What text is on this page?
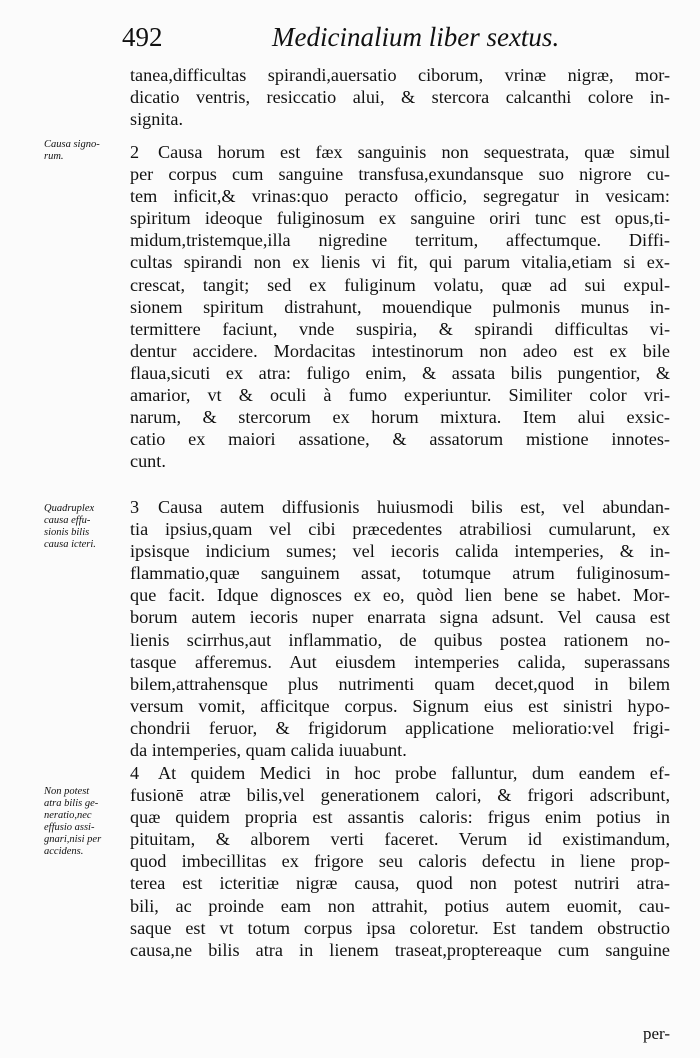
492	Medicinalium liber sextus.
Causa signo-
rum.
Quadruplex
causa effu-
sionis bilis
causa icteri.
Non potest
atra bilis ge-
neratio,nec
effusio assi-
gnari,nisi per
accidens.
tanea,difficultas spirandi,auersatio ciborum, vrinæ nigræ, mor-
dicatio ventris, resiccatio alui, & stercora calcanthi colore in-
signita.
2 Causa horum est fæx sanguinis non sequestrata, quæ simul
per corpus cum sanguine transfusa,exundansque suo nigrore cu-
tem inficit,& vrinas:quo peracto officio, segregatur in vesicam:
spiritum ideoque fuliginosum ex sanguine oriri tunc est opus,ti-
midum,tristemque,illa nigredine territum, affectumque. Diffi-
cultas spirandi non ex lienis vi fit, qui parum vitalia,etiam si ex-
crescat, tangit; sed ex fuliginum volatu, quæ ad sui expul-
sionem spiritum distrahunt, mouendique pulmonis munus in-
termittere faciunt, vnde suspiria, & spirandi difficultas vi-
dentur accidere. Mordacitas intestinorum non adeo est ex bile
flaua,sicuti ex atra: fuligo enim, & assata bilis pungentior, &
amarior, vt & oculi à fumo experiuntur. Similiter color vri-
narum, & stercorum ex horum mixtura. Item alui exsic-
catio ex maiori assatione, & assatorum mistione innotes-
cunt.
3 Causa autem diffusionis huiusmodi bilis est, vel abundan-
tia ipsius,quam vel cibi præcedentes atrabiliosi cumularunt, ex
ipsisque indicium sumes; vel iecoris calida intemperies, & in-
flammatio,quæ sanguinem assat, totumque atrum fuliginosum-
que facit. Idque dignosces ex eo, quòd lien bene se habet. Mor-
borum autem iecoris nuper enarrata signa adsunt. Vel causa est
lienis scirrhus,aut inflammatio, de quibus postea rationem no-
tasque afferemus. Aut eiusdem intemperies calida, superassans
bilem,attrahensque plus nutrimenti quam decet,quod in bilem
versum vomit, afficitque corpus. Signum eius est sinistri hypo-
chondrii feruor, & frigidorum applicatione melioratio:vel frigi-
da intemperies, quam calida iuuabunt.
4 At quidem Medici in hoc probe falluntur, dum eandem ef-
fusionē atræ bilis,vel generationem calori, & frigori adscribunt,
quæ quidem propria est assantis caloris: frigus enim potius in
pituitam, & alborem verti faceret. Verum id existimandum,
quod imbecillitas ex frigore seu caloris defectu in liene prop-
terea est icteritiæ nigræ causa, quod non potest nutriri atra-
bili, ac proinde eam non attrahit, potius autem euomit, cau-
saque est vt totum corpus ipsa coloretur. Est tandem obstructio
causa,ne bilis atra in lienem traseat,proptereaque cum sanguine
per-
